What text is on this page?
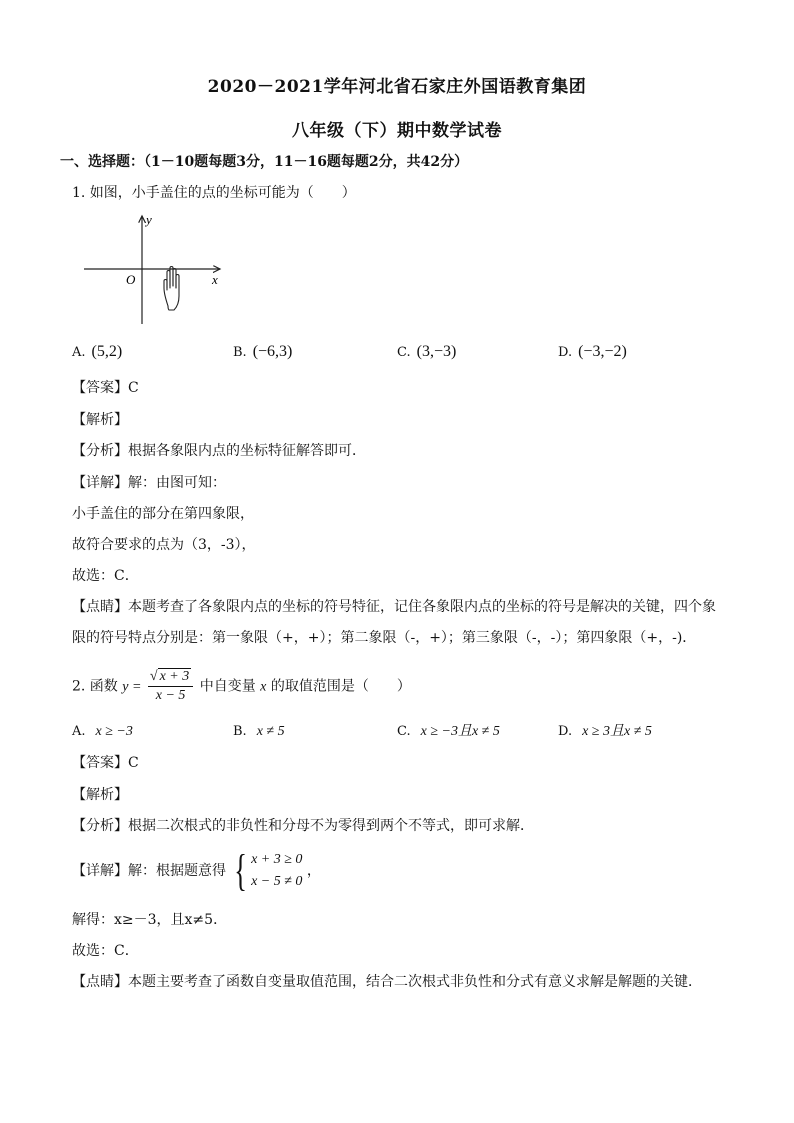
2020－2021学年河北省石家庄外国语教育集团
八年级（下）期中数学试卷
一、选择题：（1－10题每题3分，11－16题每题2分，共42分）
1. 如图，小手盖住的点的坐标可能为（　　）
y
x
O
A. (5,2)	B. (−6,3)	C. (3,−3)	D. (−3,−2)
【答案】C
【解析】
【分析】根据各象限内点的坐标特征解答即可．
【详解】解：由图可知：
小手盖住的部分在第四象限，
故符合要求的点为（3，-3），
故选：C．
【点睛】本题考查了各象限内点的坐标的符号特征，记住各象限内点的坐标的符号是解决的关键，四个象
限的符号特点分别是：第一象限（+，+）；第二象限（-，+）；第三象限（-，-）；第四象限（+，-)．
2. 函数 $y = \frac{√ x + 3}{x - 5}$ 中自变量 x 的取值范围是（　　）
A. x ≥ −3	B. x ≠ 5	C. x ≥ −3且x ≠ 5	D. x ≥ 3且x ≠ 5
【答案】C
【解析】
【分析】根据二次根式的非负性和分母不为零得到两个不等式，即可求解．
【详解】解：根据题意得 { x + 3 ≥ 0
x − 5 ≠ 0
，
解得：x≥－3，且x≠5．
故选：C．
【点睛】本题主要考查了函数自变量取值范围，结合二次根式非负性和分式有意义求解是解题的关键．
